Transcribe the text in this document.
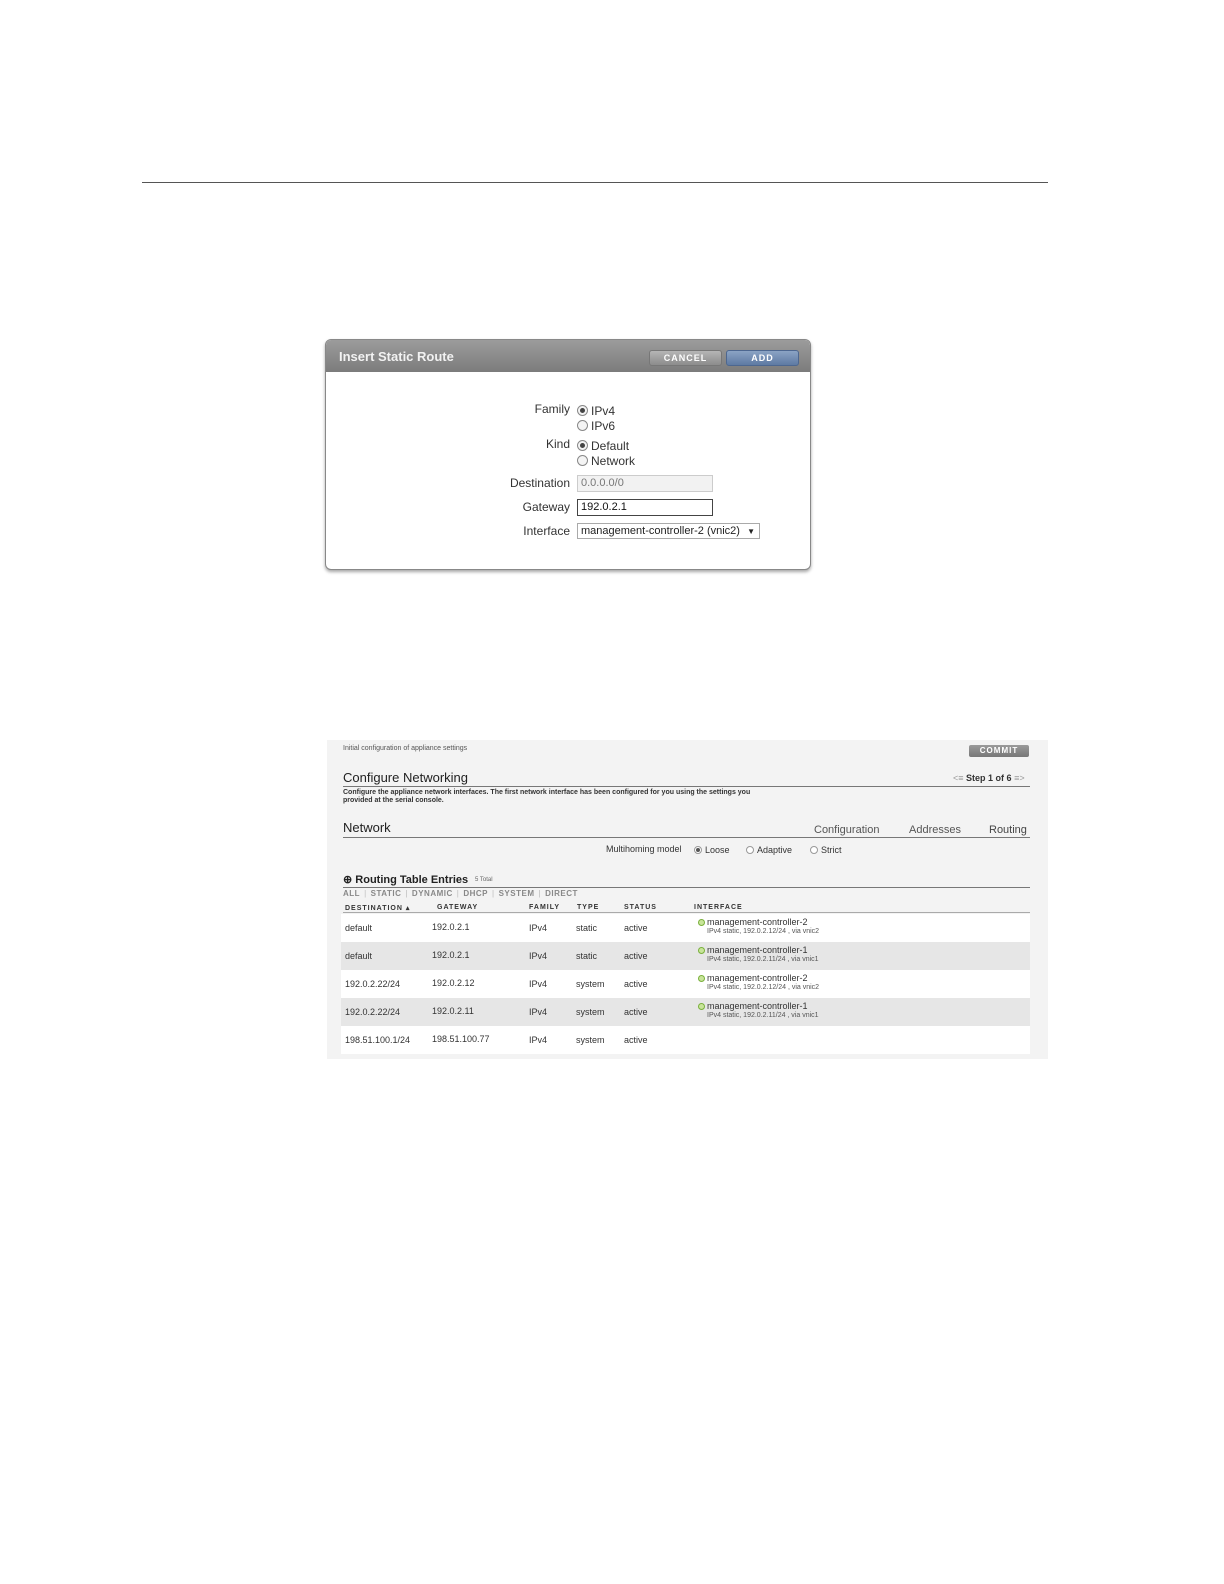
Insert Static Route	CANCEL	ADD
Family IPv4
IPv6
Kind Default
Network
Destination	0.0.0.0/0
Gateway	192.0.2.1
Interface	management-controller-2 (vnic2) ▼
Initial configuration of appliance settings	COMMIT
Configure Networking	<≡ Step 1 of 6 ≡>
Configure the appliance network interfaces. The first network interface has been configured for you using the settings you provided at the serial console.
Network	Configuration	Addresses	Routing
Multihoming model	Loose	Adaptive	Strict
⊕ Routing Table Entries 5 Total
ALL | STATIC | DYNAMIC | DHCP | SYSTEM | DIRECT
DESTINATION ▴	GATEWAY	FAMILY TYPE	STATUS	INTERFACE
default	192.0.2.1	IPv4	static	active
management-controller-2
IPv4 static, 192.0.2.12/24 , via vnic2
default	192.0.2.1	IPv4	static	active
management-controller-1
IPv4 static, 192.0.2.11/24 , via vnic1
192.0.2.22/24	192.0.2.12	IPv4	system active
management-controller-2
IPv4 static, 192.0.2.12/24 , via vnic2
192.0.2.22/24	192.0.2.11	IPv4	system active
management-controller-1
IPv4 static, 192.0.2.11/24 , via vnic1
198.51.100.1/24 198.51.100.77	IPv4	system active
